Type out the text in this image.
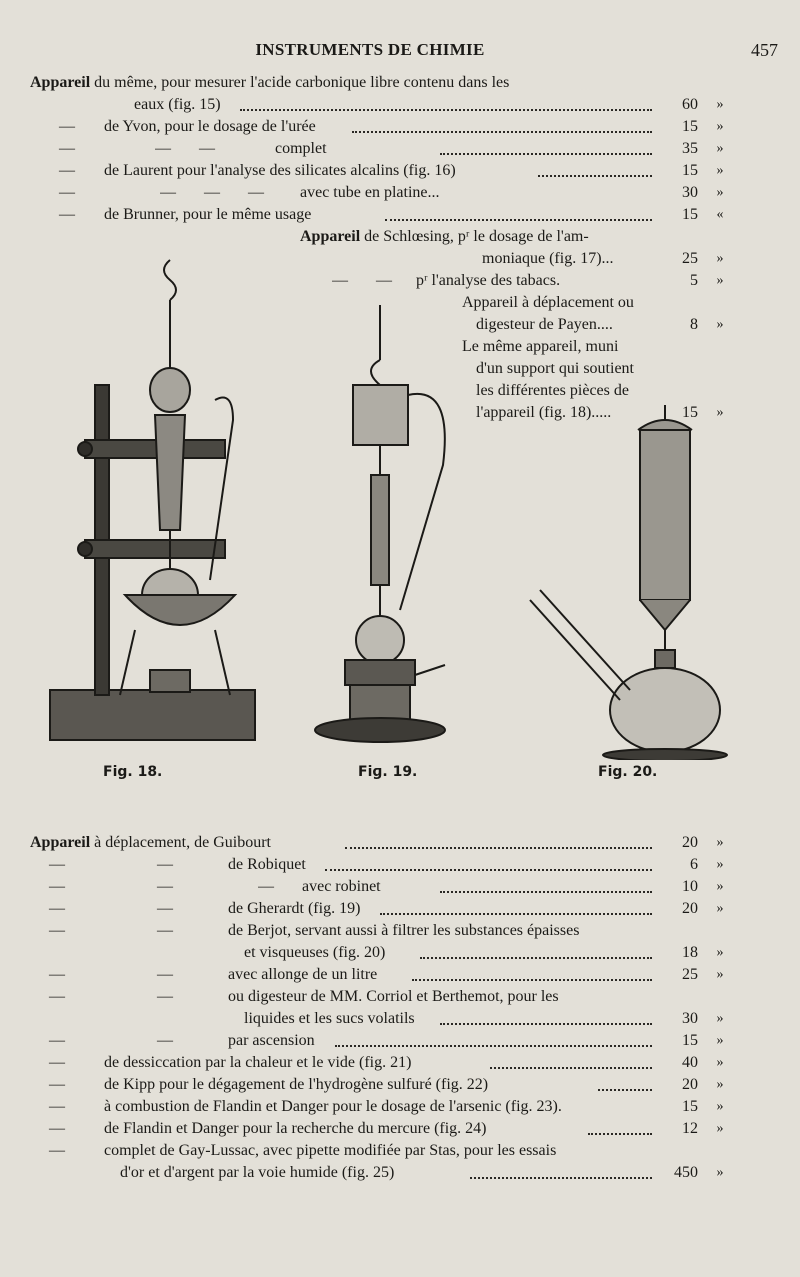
INSTRUMENTS DE CHIMIE	457
Appareil du même, pour mesurer l'acide carbonique libre contenu dans les
eaux (fig. 15)	60	»
—	de Yvon, pour le dosage de l'urée	15	»
—	—       —               complet	35	»
—	de Laurent pour l'analyse des silicates alcalins (fig. 16)	15	»
—	—       —       —         avec tube en platine...	30	»
—	de Brunner, pour le même usage	15	«
Appareil de Schlœsing, pʳ le dosage de l'am-
moniaque (fig. 17)...	25	»
—       —      pʳ l'analyse des tabacs.	5	»
Appareil à déplacement ou
digesteur de Payen....	8	»
Le même appareil, muni
d'un support qui soutient
les différentes pièces de
l'appareil (fig. 18).....	15	»
Fig. 18.	Fiɡ. 19.	Fig. 20.
Appareil à déplacement, de Guibourt	20	»
—	—	de Robiquet	6	»
—	—	—       avec robinet	10	»
—	—	de Gherardt (fig. 19)	20	»
—	—	de Berjot, servant aussi à filtrer les substances épaisses
et visqueuses (fig. 20)	18	»
—	—	avec allonge de un litre	25	»
—	—	ou digesteur de MM. Corriol et Berthemot, pour les
liquides et les sucs volatils	30	»
—	—	par ascension	15	»
—	de dessiccation par la chaleur et le vide (fig. 21)	40	»
—	de Kipp pour le dégagement de l'hydrogène sulfuré (fig. 22)	20	»
—	à combustion de Flandin et Danger pour le dosage de l'arsenic (fig. 23).	15	»
—	de Flandin et Danger pour la recherche du mercure (fig. 24)	12	»
—	complet de Gay-Lussac, avec pipette modifiée par Stas, pour les essais
d'or et d'argent par la voie humide (fig. 25)	450	»
